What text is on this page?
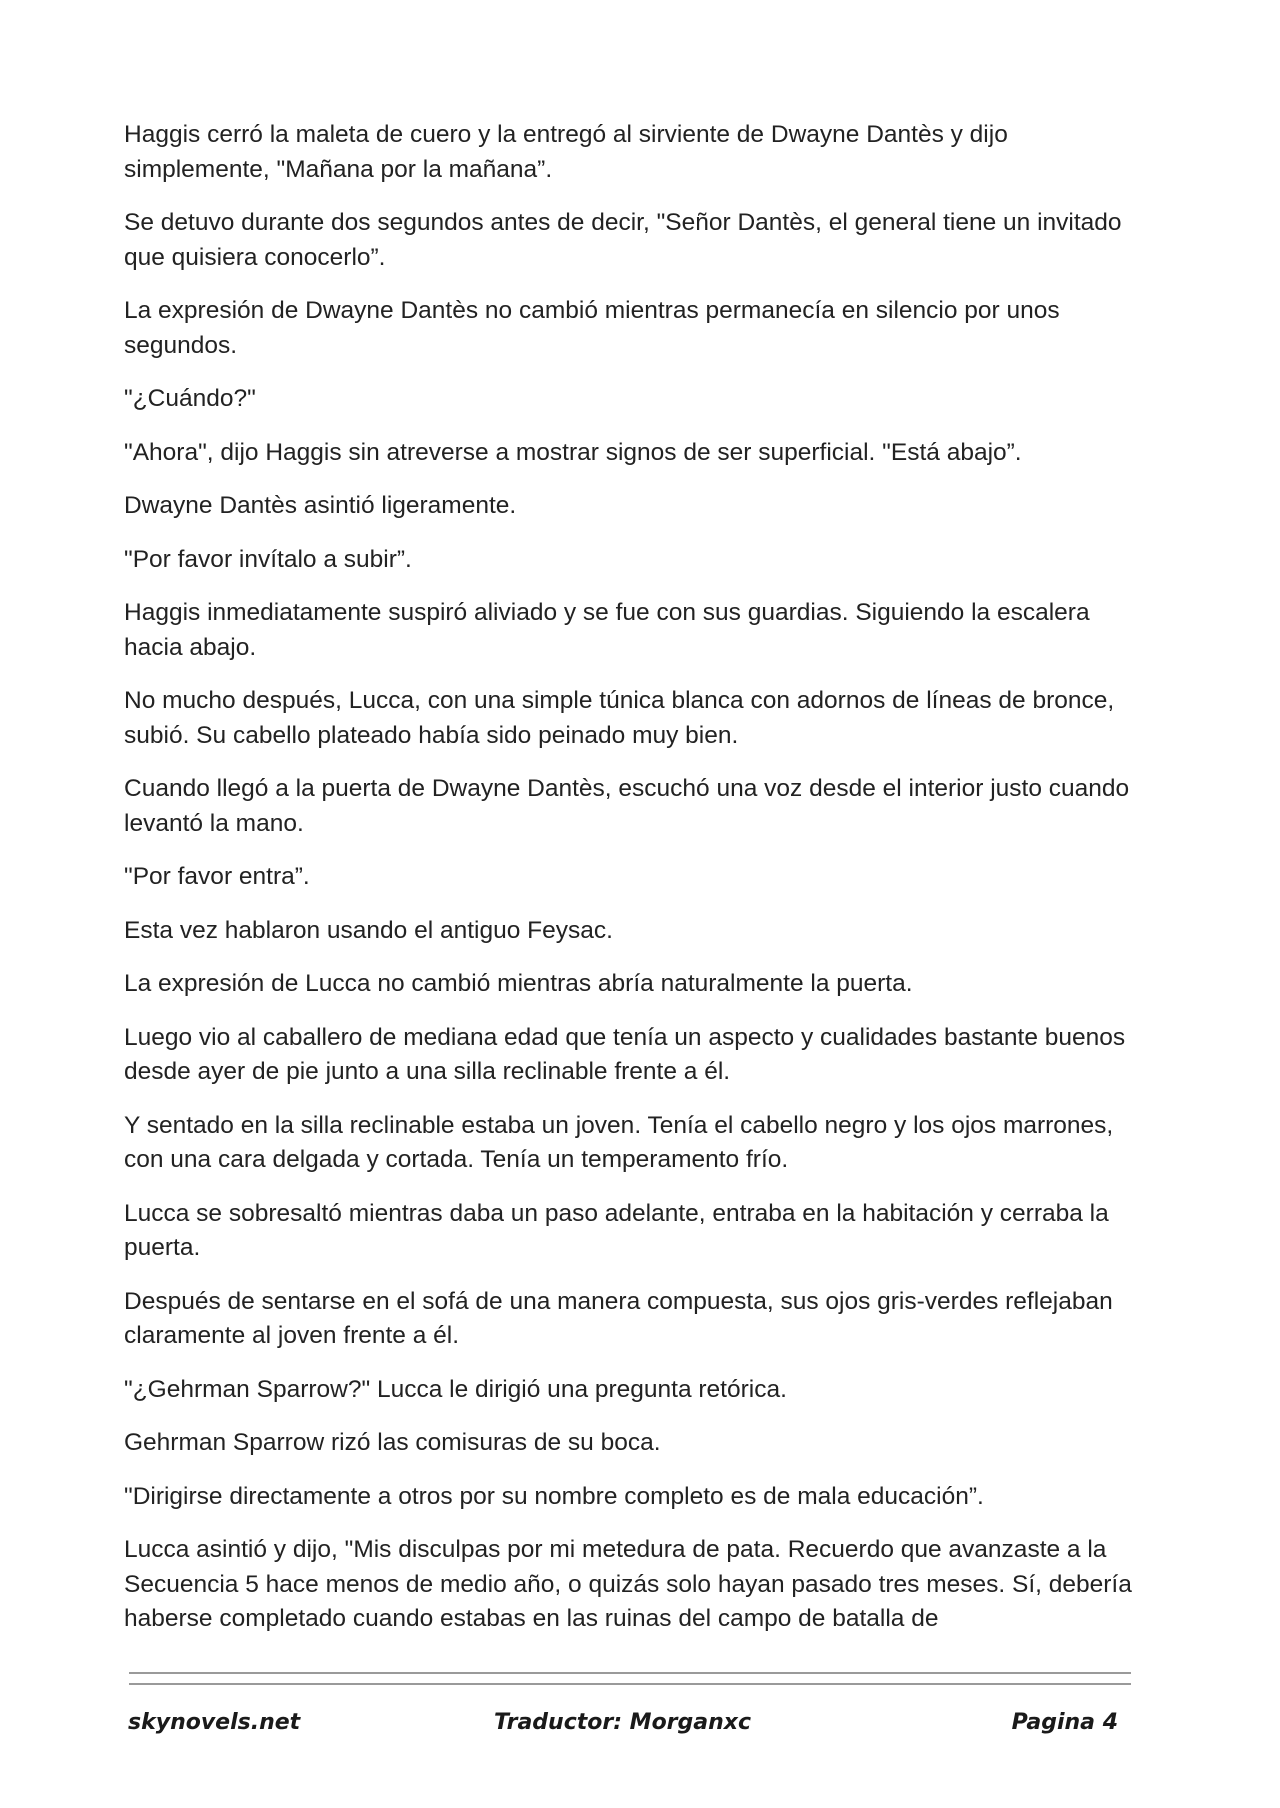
Haggis cerró la maleta de cuero y la entregó al sirviente de Dwayne Dantès y dijo simplemente, "Mañana por la mañana”.

Se detuvo durante dos segundos antes de decir, "Señor Dantès, el general tiene un invitado que quisiera conocerlo”.

La expresión de Dwayne Dantès no cambió mientras permanecía en silencio por unos segundos.

"¿Cuándo?"

"Ahora", dijo Haggis sin atreverse a mostrar signos de ser superficial. "Está abajo”.

Dwayne Dantès asintió ligeramente.

"Por favor invítalo a subir”.

Haggis inmediatamente suspiró aliviado y se fue con sus guardias. Siguiendo la escalera hacia abajo.

No mucho después, Lucca, con una simple túnica blanca con adornos de líneas de bronce, subió. Su cabello plateado había sido peinado muy bien.

Cuando llegó a la puerta de Dwayne Dantès, escuchó una voz desde el interior justo cuando levantó la mano.

"Por favor entra”.

Esta vez hablaron usando el antiguo Feysac.

La expresión de Lucca no cambió mientras abría naturalmente la puerta.

Luego vio al caballero de mediana edad que tenía un aspecto y cualidades bastante buenos desde ayer de pie junto a una silla reclinable frente a él.

Y sentado en la silla reclinable estaba un joven. Tenía el cabello negro y los ojos marrones, con una cara delgada y cortada. Tenía un temperamento frío.

Lucca se sobresaltó mientras daba un paso adelante, entraba en la habitación y cerraba la puerta.

Después de sentarse en el sofá de una manera compuesta, sus ojos gris-verdes reflejaban claramente al joven frente a él.

"¿Gehrman Sparrow?" Lucca le dirigió una pregunta retórica.

Gehrman Sparrow rizó las comisuras de su boca.

"Dirigirse directamente a otros por su nombre completo es de mala educación”.

Lucca asintió y dijo, "Mis disculpas por mi metedura de pata. Recuerdo que avanzaste a la Secuencia 5 hace menos de medio año, o quizás solo hayan pasado tres meses. Sí, debería haberse completado cuando estabas en las ruinas del campo de batalla de

skynovels.net	Traductor: Morganxc	Pagina 4
